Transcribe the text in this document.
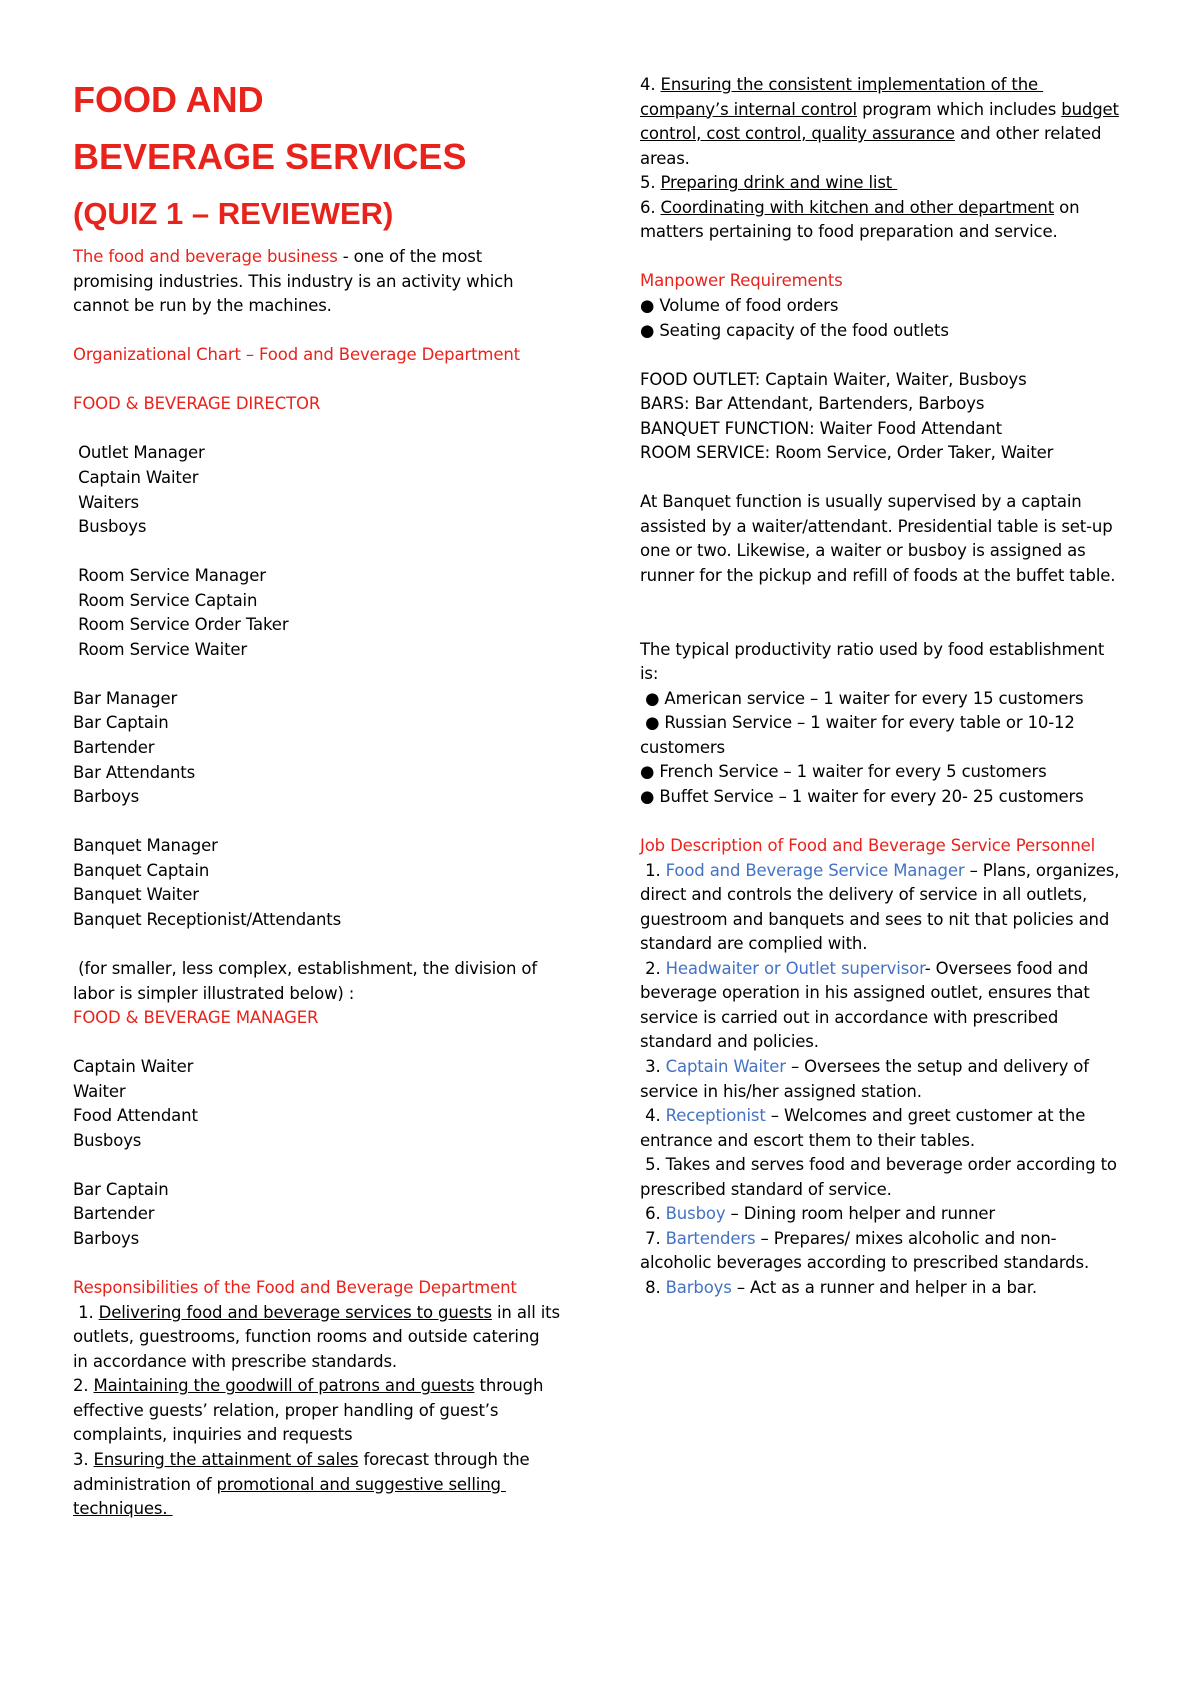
FOOD AND
BEVERAGE SERVICES
(QUIZ 1 – REVIEWER)
The food and beverage business - one of the most
promising industries. This industry is an activity which
cannot be run by the machines.
Organizational Chart – Food and Beverage Department
FOOD & BEVERAGE DIRECTOR
Outlet Manager
Captain Waiter
Waiters
Busboys
Room Service Manager
Room Service Captain
Room Service Order Taker
Room Service Waiter
Bar Manager
Bar Captain
Bartender
Bar Attendants
Barboys
Banquet Manager
Banquet Captain
Banquet Waiter
Banquet Receptionist/Attendants
(for smaller, less complex, establishment, the division of
labor is simpler illustrated below) :
FOOD & BEVERAGE MANAGER
Captain Waiter
Waiter
Food Attendant
Busboys
Bar Captain
Bartender
Barboys
Responsibilities of the Food and Beverage Department
1. Delivering food and beverage services to guests in all its
outlets, guestrooms, function rooms and outside catering
in accordance with prescribe standards.
2. Maintaining the goodwill of patrons and guests through
effective guests’ relation, proper handling of guest’s
complaints, inquiries and requests
3. Ensuring the attainment of sales forecast through the
administration of promotional and suggestive selling
techniques.
4. Ensuring the consistent implementation of the
company’s internal control program which includes budget
control, cost control, quality assurance and other related
areas.
5. Preparing drink and wine list
6. Coordinating with kitchen and other department on
matters pertaining to food preparation and service.
Manpower Requirements
● Volume of food orders
● Seating capacity of the food outlets
FOOD OUTLET: Captain Waiter, Waiter, Busboys
BARS: Bar Attendant, Bartenders, Barboys
BANQUET FUNCTION: Waiter Food Attendant
ROOM SERVICE: Room Service, Order Taker, Waiter
At Banquet function is usually supervised by a captain
assisted by a waiter/attendant. Presidential table is set-up
one or two. Likewise, a waiter or busboy is assigned as
runner for the pickup and refill of foods at the buffet table.
The typical productivity ratio used by food establishment
is:
● American service – 1 waiter for every 15 customers
● Russian Service – 1 waiter for every table or 10-12
customers
● French Service – 1 waiter for every 5 customers
● Buffet Service – 1 waiter for every 20- 25 customers
Job Description of Food and Beverage Service Personnel
1. Food and Beverage Service Manager – Plans, organizes,
direct and controls the delivery of service in all outlets,
guestroom and banquets and sees to nit that policies and
standard are complied with.
2. Headwaiter or Outlet supervisor- Oversees food and
beverage operation in his assigned outlet, ensures that
service is carried out in accordance with prescribed
standard and policies.
3. Captain Waiter – Oversees the setup and delivery of
service in his/her assigned station.
4. Receptionist – Welcomes and greet customer at the
entrance and escort them to their tables.
5. Takes and serves food and beverage order according to
prescribed standard of service.
6. Busboy – Dining room helper and runner
7. Bartenders – Prepares/ mixes alcoholic and non-
alcoholic beverages according to prescribed standards.
8. Barboys – Act as a runner and helper in a bar.
